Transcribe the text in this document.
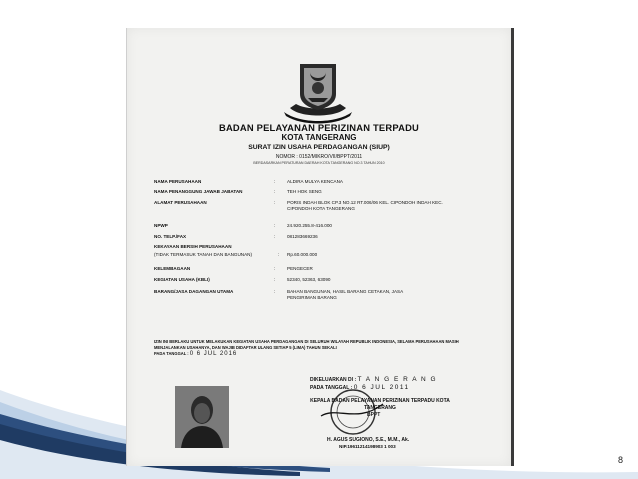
BADAN PELAYANAN PERIZINAN TERPADU
KOTA TANGERANG
SURAT IZIN USAHA PERDAGANGAN (SIUP)
NOMOR : 0152/MIKRO/VII/BPPT/2011
BERDASARKAN PERATURAN DAERAH KOTA TANGERANG NO.3 TAHUN 2010
NAMA PERUSAHAAN	:	ALDIRA MULYA KENCANA
NAMA PENANGGUNG JAWAB JABATAN	:	TEH HOK SENG
ALAMAT PERUSAHAAN	:	PORIS INDAH BLOK CP.3 NO.12 RT.006/06 KEL. CIPONDOH INDAH KEC. CIPONDOH KOTA TANGERANG
NPWP	:	24.920.255.8-416.000
NO. TELP./FAX	:	081283669236
KEKAYAAN BERSIH PERUSAHAAN
(TIDAK TERMASUK TANAH DAN BANGUNAN)	: Rp.60.000.000
KELEMBAGAAN	:	PENGECER
KEGIATAN USAHA (KBLI)	:	52340, 52363, 63090
BARANG/JASA DAGANGAN UTAMA	:	BAHAN BANGUNAN, HASIL BARANG CETAKAN, JASA PENGIRIMAN BARANG
IZIN INI BERLAKU UNTUK MELAKUKAN KEGIATAN USAHA PERDAGANGAN DI SELURUH WILAYAH REPUBLIK INDONESIA, SELAMA PERUSAHAAN MASIH MENJALANKAN USAHANYA, DAN WAJIB DIDAFTAR ULANG SETIAP 5 (LIMA) TAHUN SEKALI
PADA TANGGAL : 0 6 JUL 2016
BPPT
DIKELUARKAN DI : T A N G E R A N G
PADA TANGGAL : 0 6 JUL 2011
KEPALA BADAN PELAYANAN PERIZINAN TERPADU KOTA TANGERANG
H. AGUS SUGIONO, S.E., M.M., Ak.
NIP.19611214198903 1 003
8
